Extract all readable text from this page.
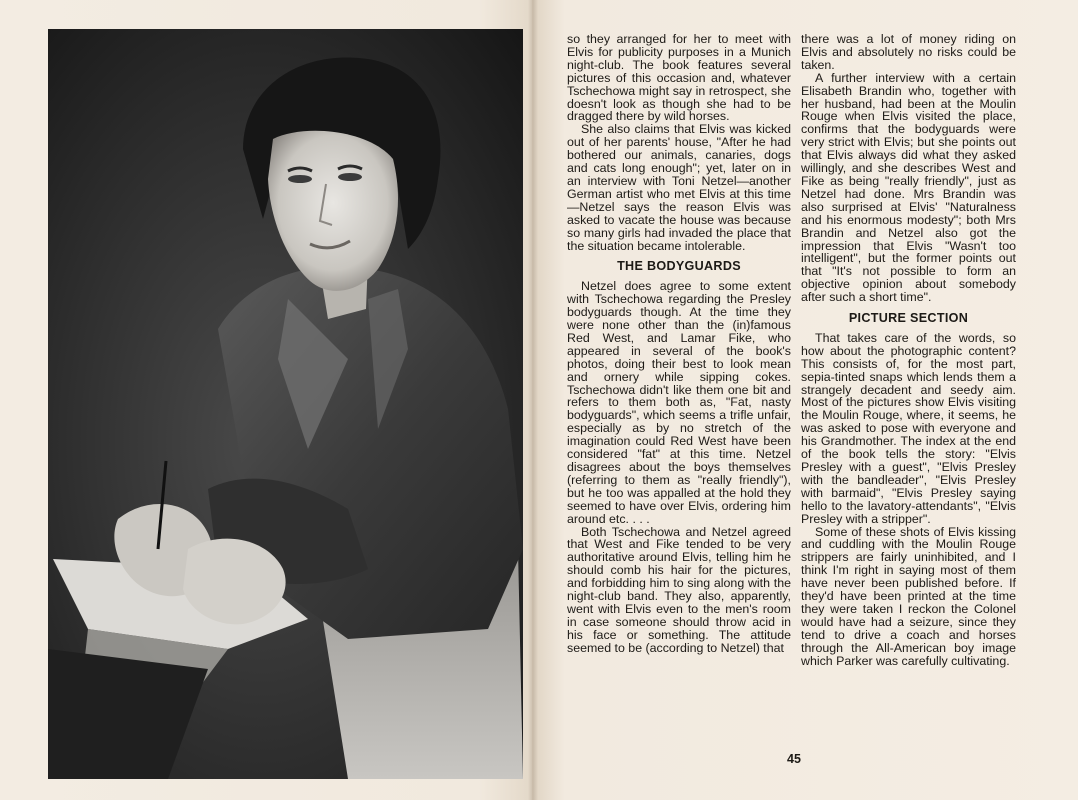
so they arranged for her to meet with Elvis for publicity purposes in a Munich night-club. The book features several pictures of this occasion and, whatever Tschechowa might say in retrospect, she doesn't look as though she had to be dragged there by wild horses.

She also claims that Elvis was kicked out of her parents' house, "After he had bothered our animals, canaries, dogs and cats long enough"; yet, later on in an interview with Toni Netzel—another German artist who met Elvis at this time—Netzel says the reason Elvis was asked to vacate the house was because so many girls had invaded the place that the situation became intolerable.

THE BODYGUARDS

Netzel does agree to some extent with Tschechowa regarding the Presley bodyguards though. At the time they were none other than the (in)famous Red West, and Lamar Fike, who appeared in several of the book's photos, doing their best to look mean and ornery while sipping cokes. Tschechowa didn't like them one bit and refers to them both as, "Fat, nasty bodyguards", which seems a trifle unfair, especially as by no stretch of the imagination could Red West have been considered "fat" at this time. Netzel disagrees about the boys themselves (referring to them as "really friendly"), but he too was appalled at the hold they seemed to have over Elvis, ordering him around etc. . . .

Both Tschechowa and Netzel agreed that West and Fike tended to be very authoritative around Elvis, telling him he should comb his hair for the pictures, and forbidding him to sing along with the night-club band. They also, apparently, went with Elvis even to the men's room in case someone should throw acid in his face or something. The attitude seemed to be (according to Netzel) that

there was a lot of money riding on Elvis and absolutely no risks could be taken.

A further interview with a certain Elisabeth Brandin who, together with her husband, had been at the Moulin Rouge when Elvis visited the place, confirms that the bodyguards were very strict with Elvis; but she points out that Elvis always did what they asked willingly, and she describes West and Fike as being "really friendly", just as Netzel had done. Mrs Brandin was also surprised at Elvis' "Naturalness and his enormous modesty"; both Mrs Brandin and Netzel also got the impression that Elvis "Wasn't too intelligent", but the former points out that "It's not possible to form an objective opinion about somebody after such a short time".

PICTURE SECTION

That takes care of the words, so how about the photographic content? This consists of, for the most part, sepia-tinted snaps which lends them a strangely decadent and seedy aim. Most of the pictures show Elvis visiting the Moulin Rouge, where, it seems, he was asked to pose with everyone and his Grandmother. The index at the end of the book tells the story: "Elvis Presley with a guest", "Elvis Presley with the bandleader", "Elvis Presley with barmaid", "Elvis Presley saying hello to the lavatory-attendants", "Elvis Presley with a stripper".

Some of these shots of Elvis kissing and cuddling with the Moulin Rouge strippers are fairly uninhibited, and I think I'm right in saying most of them have never been published before. If they'd have been printed at the time they were taken I reckon the Colonel would have had a seizure, since they tend to drive a coach and horses through the All-American boy image which Parker was carefully cultivating.

45
